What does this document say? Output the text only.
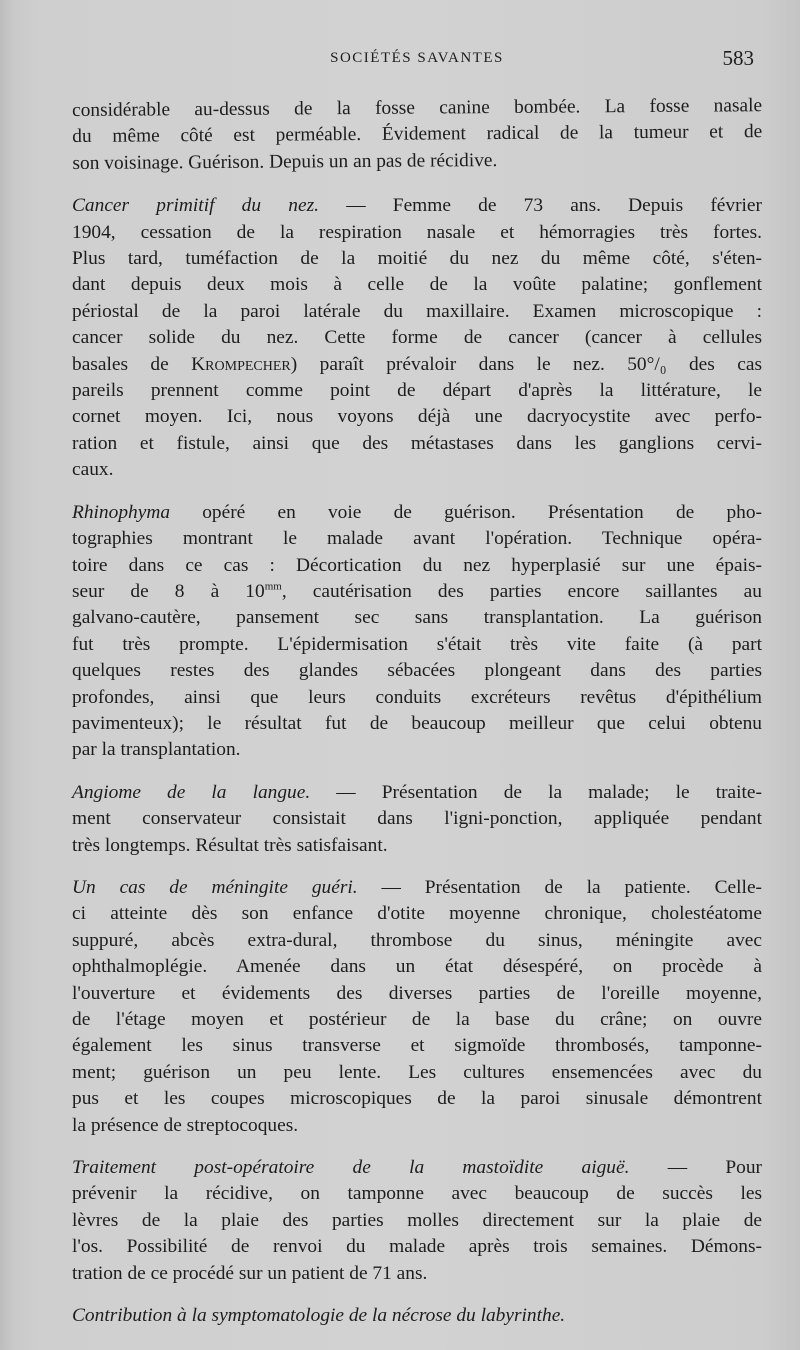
SOCIÉTÉS SAVANTES	583
considérable au-dessus de la fosse canine bombée. La fosse nasale
du même côté est perméable. Évidement radical de la tumeur et de
son voisinage. Guérison. Depuis un an pas de récidive.
Cancer primitif du nez. — Femme de 73 ans. Depuis février
1904, cessation de la respiration nasale et hémorragies très fortes.
Plus tard, tuméfaction de la moitié du nez du même côté, s'éten-
dant depuis deux mois à celle de la voûte palatine; gonflement
périostal de la paroi latérale du maxillaire. Examen microscopique :
cancer solide du nez. Cette forme de cancer (cancer à cellules
basales de Krompecher) paraît prévaloir dans le nez. 50°/₀ des cas
pareils prennent comme point de départ d'après la littérature, le
cornet moyen. Ici, nous voyons déjà une dacryocystite avec perfo-
ration et fistule, ainsi que des métastases dans les ganglions cervi-
caux.
Rhinophyma opéré en voie de guérison. Présentation de pho-
tographies montrant le malade avant l'opération. Technique opéra-
toire dans ce cas : Décortication du nez hyperplasié sur une épais-
seur de 8 à $10^{mm}$, cautérisation des parties encore saillantes au
galvano-cautère, pansement sec sans transplantation. La guérison
fut très prompte. L'épidermisation s'était très vite faite (à part
quelques restes des glandes sébacées plongeant dans des parties
profondes, ainsi que leurs conduits excréteurs revêtus d'épithélium
pavimenteux); le résultat fut de beaucoup meilleur que celui obtenu
par la transplantation.
Angiome de la langue. — Présentation de la malade; le traite-
ment conservateur consistait dans l'igni-ponction, appliquée pendant
très longtemps. Résultat très satisfaisant.
Un cas de méningite guéri. — Présentation de la patiente. Celle-
ci atteinte dès son enfance d'otite moyenne chronique, cholestéatome
suppuré, abcès extra-dural, thrombose du sinus, méningite avec
ophthalmoplégie. Amenée dans un état désespéré, on procède à
l'ouverture et évidements des diverses parties de l'oreille moyenne,
de l'étage moyen et postérieur de la base du crâne; on ouvre
également les sinus transverse et sigmoïde thrombosés, tamponne-
ment; guérison un peu lente. Les cultures ensemencées avec du
pus et les coupes microscopiques de la paroi sinusale démontrent
la présence de streptocoques.
Traitement post-opératoire de la mastoïdite aiguë. — Pour
prévenir la récidive, on tamponne avec beaucoup de succès les
lèvres de la plaie des parties molles directement sur la plaie de
l'os. Possibilité de renvoi du malade après trois semaines. Démons-
tration de ce procédé sur un patient de 71 ans.
Contribution à la symptomatologie de la nécrose du labyrinthe.
